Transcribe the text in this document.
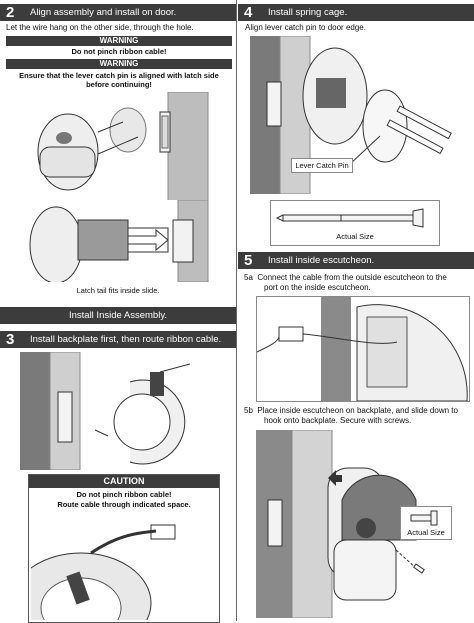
2	Align assembly and install on door.
Let the wire hang on the other side, through the hole.
WARNING
Do not pinch ribbon cable!
WARNING
Ensure that the lever catch pin is aligned with latch side
before continuing!
Latch tail fits inside slide.
Install Inside Assembly.
3	Install backplate first, then route ribbon cable.
CAUTION
Do not pinch ribbon cable!
Route cable through indicated space.
4	Install spring cage.
Align lever catch pin to door edge.
Lever Catch Pin
Actual Size
5	Install inside escutcheon.
5a Connect the cable from the outside escutcheon to the
port on the inside escutcheon.
5b Place inside escutcheon on backplate, and slide down to
hook onto backplate. Secure with screws.
Actual Size
